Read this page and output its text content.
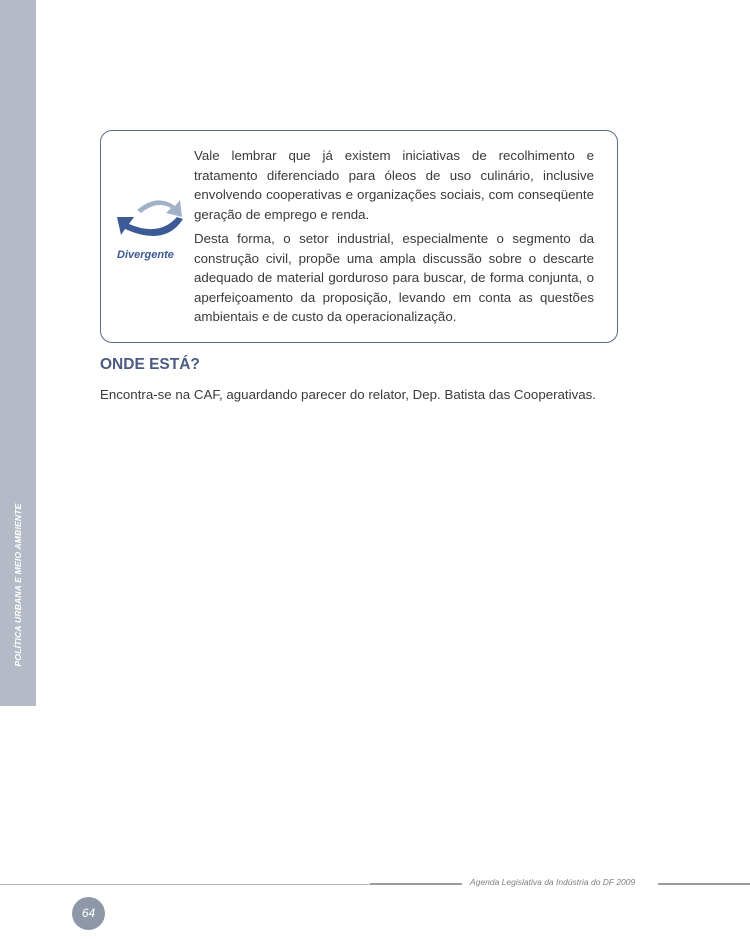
POLÍTICA URBANA E MEIO AMBIENTE
Divergente

Vale lembrar que já existem iniciativas de recolhimento e tratamento diferenciado para óleos de uso culinário, inclusive envolvendo cooperativas e organizações sociais, com conseqüente geração de emprego e renda.

Desta forma, o setor industrial, especialmente o segmento da construção civil, propõe uma ampla discussão sobre o descarte adequado de material gorduroso para buscar, de forma conjunta, o aperfeiçoamento da proposição, levando em conta as questões ambientais e de custo da operacionalização.

ONDE ESTÁ?

Encontra-se na CAF, aguardando parecer do relator, Dep. Batista das Cooperativas.

Agenda Legislativa da Indústria do DF 2009
64
